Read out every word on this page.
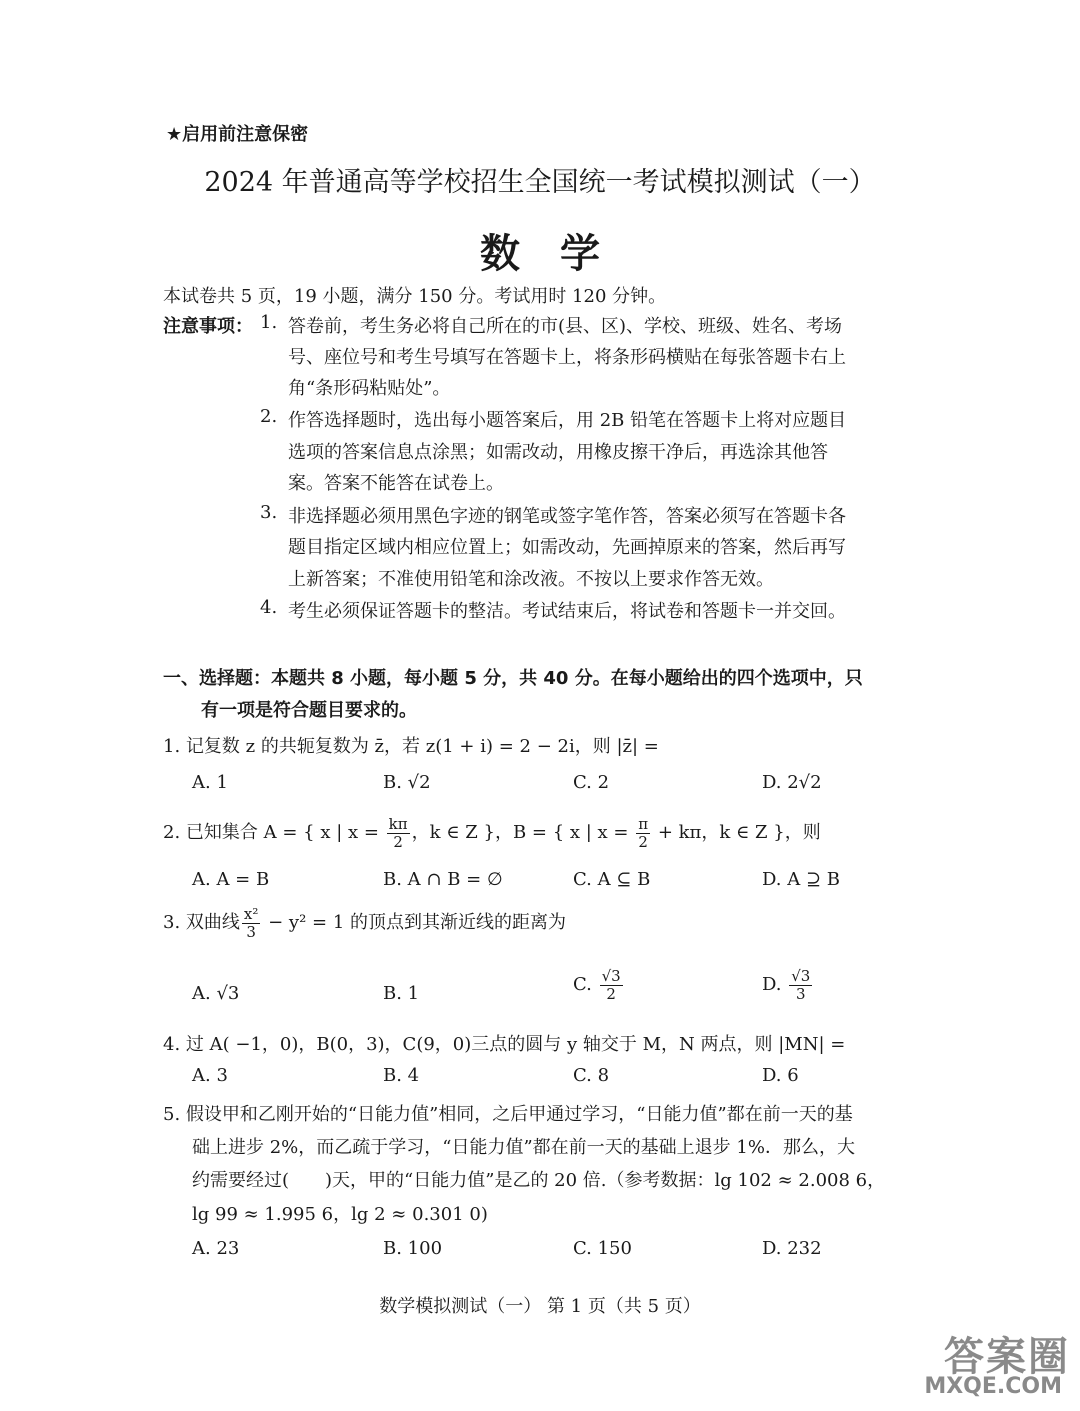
★启用前注意保密
2024 年普通高等学校招生全国统一考试模拟测试（一）
数学
本试卷共 5 页，19 小题，满分 150 分。考试用时 120 分钟。
注意事项： 1. 答卷前，考生务必将自己所在的市(县、区)、学校、班级、姓名、考场
号、座位号和考生号填写在答题卡上，将条形码横贴在每张答题卡右上
角“条形码粘贴处”。
2. 作答选择题时，选出每小题答案后，用 2B 铅笔在答题卡上将对应题目
选项的答案信息点涂黑；如需改动，用橡皮擦干净后，再选涂其他答
案。答案不能答在试卷上。
3. 非选择题必须用黑色字迹的钢笔或签字笔作答，答案必须写在答题卡各
题目指定区域内相应位置上；如需改动，先画掉原来的答案，然后再写
上新答案；不准使用铅笔和涂改液。不按以上要求作答无效。
4. 考生必须保证答题卡的整洁。考试结束后，将试卷和答题卡一并交回。
一、选择题：本题共 8 小题，每小题 5 分，共 40 分。在每小题给出的四个选项中，只
有一项是符合题目要求的。
1. 记复数 z 的共轭复数为 z̄，若 z(1 + i) = 2 − 2i，则 |z̄| =
A. 1	B. √2	C. 2	D. 2√2
2. 已知集合 A = { x | $x = \frac{k\pi}{2}$ ，k ∈ Z }，B = { x | $x = \frac{\pi}{2} + k\pi$，k ∈ Z }，则
A. A = B	B. A ∩ B = ∅	C. A ⊆ B	D. A ⊇ B
3. 双曲线 $\frac{\text{x²}}{3} - y^2 = 1$ 的顶点到其渐近线的距离为
A. √3	B. 1	C. $\frac{√3}{2}$	D. $\frac{√3}{3}$
4. 过 A( −1，0)，B(0，3)，C(9，0)三点的圆与 y 轴交于 M，N 两点，则 |MN| =
A. 3	B. 4	C. 8	D. 6
5. 假设甲和乙刚开始的“日能力值”相同，之后甲通过学习，“日能力值”都在前一天的基
础上进步 2%，而乙疏于学习，“日能力值”都在前一天的基础上退步 1%．那么，大
约需要经过(　　)天，甲的“日能力值”是乙的 20 倍.（参考数据：lg 102 ≈ 2.008 6，
lg 99 ≈ 1.995 6，lg 2 ≈ 0.301 0)
A. 23	B. 100	C. 150	D. 232
数学模拟测试（一） 第 1 页（共 5 页）
答案圈
MXQE.COM
